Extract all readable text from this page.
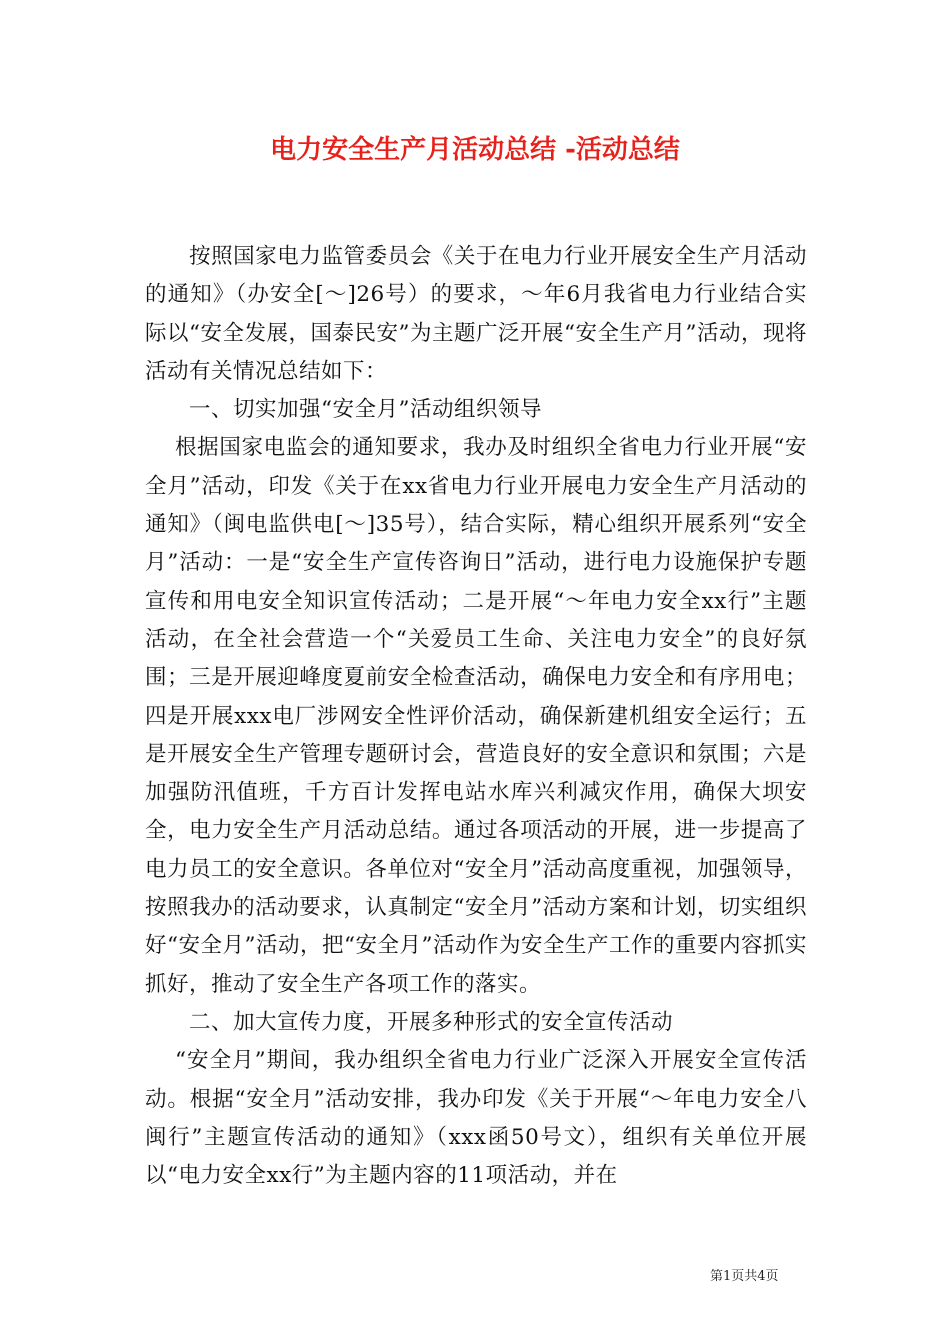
电力安全生产月活动总结 -活动总结

按照国家电力监管委员会《关于在电力行业开展安全生产月活动的通知》（办安全[～]26号）的要求，～年6月我省电力行业结合实际以“安全发展，国泰民安”为主题广泛开展“安全生产月”活动，现将活动有关情况总结如下：

一、切实加强“安全月”活动组织领导

根据国家电监会的通知要求，我办及时组织全省电力行业开展“安全月”活动，印发《关于在xx省电力行业开展电力安全生产月活动的通知》（闽电监供电[～]35号），结合实际，精心组织开展系列“安全月”活动：一是“安全生产宣传咨询日”活动，进行电力设施保护专题宣传和用电安全知识宣传活动；二是开展“～年电力安全xx行”主题活动，在全社会营造一个“关爱员工生命、关注电力安全”的良好氛围；三是开展迎峰度夏前安全检查活动，确保电力安全和有序用电；四是开展xxx电厂涉网安全性评价活动，确保新建机组安全运行；五是开展安全生产管理专题研讨会，营造良好的安全意识和氛围；六是加强防汛值班，千方百计发挥电站水库兴利减灾作用，确保大坝安全，电力安全生产月活动总结。通过各项活动的开展，进一步提高了电力员工的安全意识。各单位对“安全月”活动高度重视，加强领导，按照我办的活动要求，认真制定“安全月”活动方案和计划，切实组织好“安全月”活动，把“安全月”活动作为安全生产工作的重要内容抓实抓好，推动了安全生产各项工作的落实。

二、加大宣传力度，开展多种形式的安全宣传活动

“安全月”期间，我办组织全省电力行业广泛深入开展安全宣传活动。根据“安全月”活动安排，我办印发《关于开展“～年电力安全八闽行”主题宣传活动的通知》（xxx函50号文），组织有关单位开展以“电力安全xx行”为主题内容的11项活动，并在

第1页共4页
